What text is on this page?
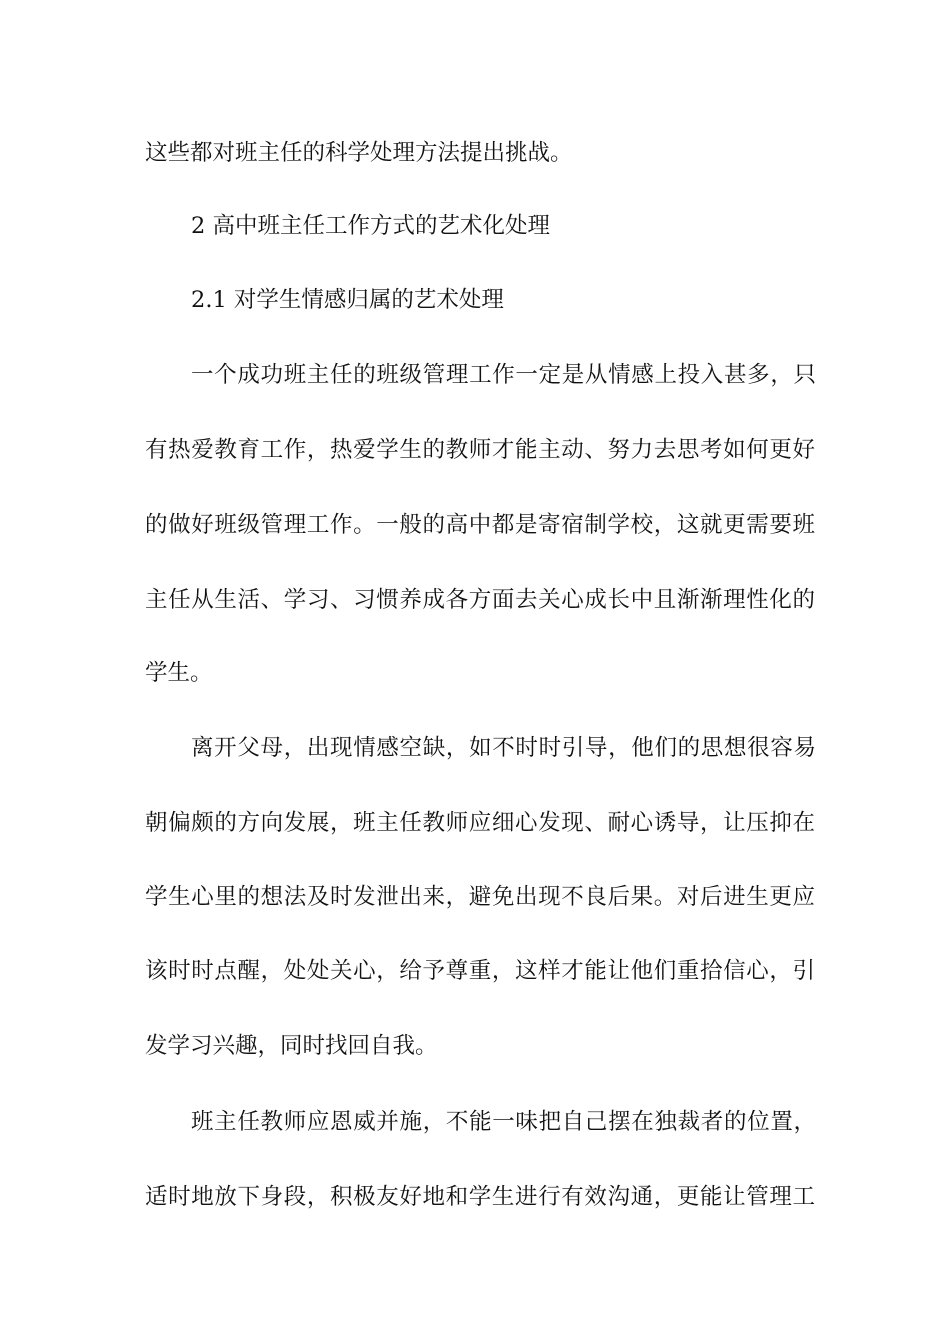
这些都对班主任的科学处理方法提出挑战。
2 高中班主任工作方式的艺术化处理
2.1 对学生情感归属的艺术处理
一个成功班主任的班级管理工作一定是从情感上投入甚多，只
有热爱教育工作，热爱学生的教师才能主动、努力去思考如何更好
的做好班级管理工作。一般的高中都是寄宿制学校，这就更需要班
主任从生活、学习、习惯养成各方面去关心成长中且渐渐理性化的
学生。
离开父母，出现情感空缺，如不时时引导，他们的思想很容易
朝偏颇的方向发展，班主任教师应细心发现、耐心诱导，让压抑在
学生心里的想法及时发泄出来，避免出现不良后果。对后进生更应
该时时点醒，处处关心，给予尊重，这样才能让他们重拾信心，引
发学习兴趣，同时找回自我。
班主任教师应恩威并施，不能一味把自己摆在独裁者的位置，
适时地放下身段，积极友好地和学生进行有效沟通，更能让管理工
